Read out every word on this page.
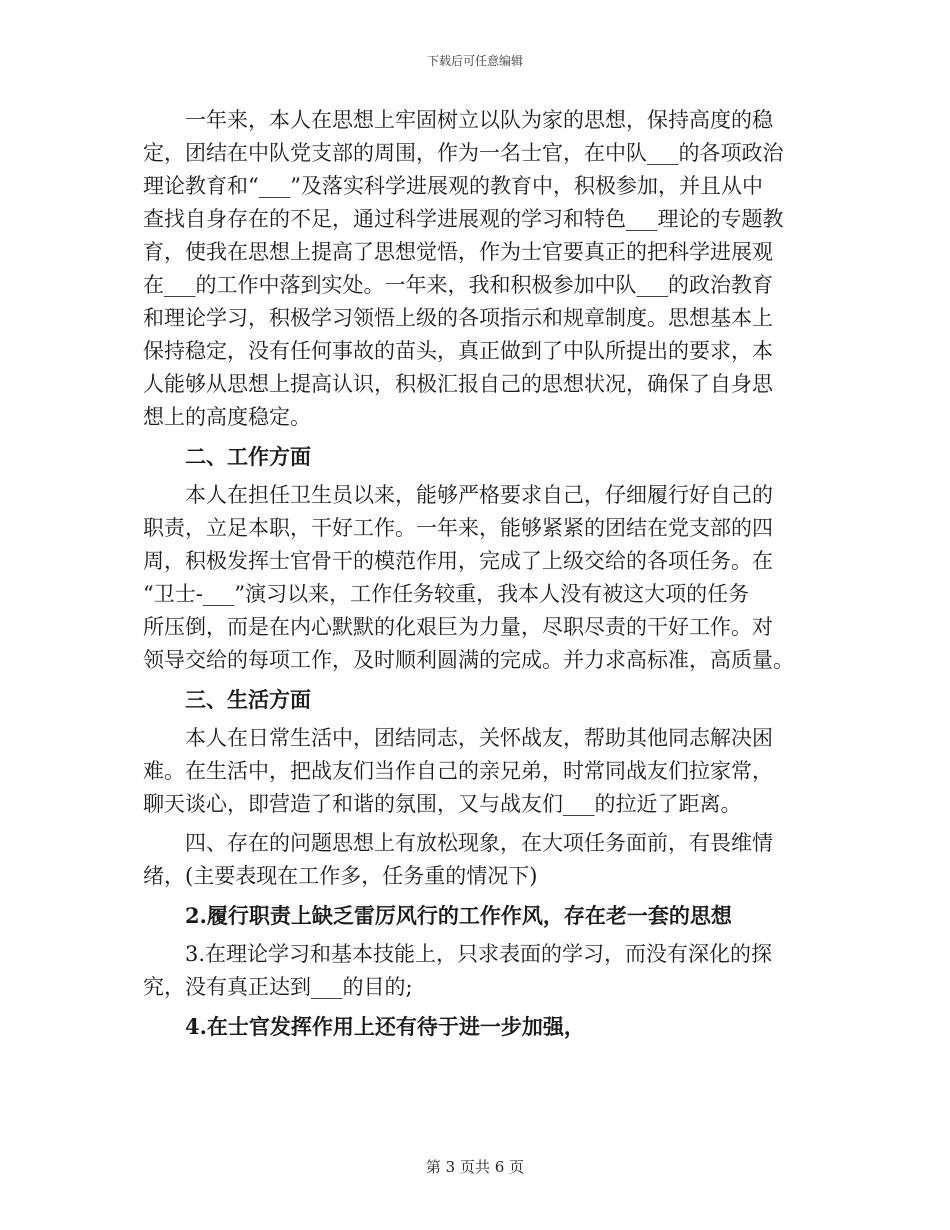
下载后可任意编辑
　　一年来，本人在思想上牢固树立以队为家的思想，保持高度的稳
定，团结在中队党支部的周围，作为一名士官，在中队___的各项政治
理论教育和“___”及落实科学进展观的教育中，积极参加，并且从中
查找自身存在的不足，通过科学进展观的学习和特色___理论的专题教
育，使我在思想上提高了思想觉悟，作为士官要真正的把科学进展观
在___的工作中落到实处。一年来，我和积极参加中队___的政治教育
和理论学习，积极学习领悟上级的各项指示和规章制度。思想基本上
保持稳定，没有任何事故的苗头，真正做到了中队所提出的要求，本
人能够从思想上提高认识，积极汇报自己的思想状况，确保了自身思
想上的高度稳定。
　　二、工作方面
　　本人在担任卫生员以来，能够严格要求自己，仔细履行好自己的
职责，立足本职，干好工作。一年来，能够紧紧的团结在党支部的四
周，积极发挥士官骨干的模范作用，完成了上级交给的各项任务。在
“卫士-___”演习以来，工作任务较重，我本人没有被这大项的任务
所压倒，而是在内心默默的化艰巨为力量，尽职尽责的干好工作。对
领导交给的每项工作，及时顺利圆满的完成。并力求高标准，高质量。
　　三、生活方面
　　本人在日常生活中，团结同志，关怀战友，帮助其他同志解决困
难。在生活中，把战友们当作自己的亲兄弟，时常同战友们拉家常，
聊天谈心，即营造了和谐的氛围，又与战友们___的拉近了距离。
　　四、存在的问题思想上有放松现象，在大项任务面前，有畏维情
绪，(主要表现在工作多，任务重的情况下)
　　2.履行职责上缺乏雷厉风行的工作作风，存在老一套的思想
　　3.在理论学习和基本技能上，只求表面的学习，而没有深化的探
究，没有真正达到___的目的;
　　4.在士官发挥作用上还有待于进一步加强，
第 3 页共 6 页
